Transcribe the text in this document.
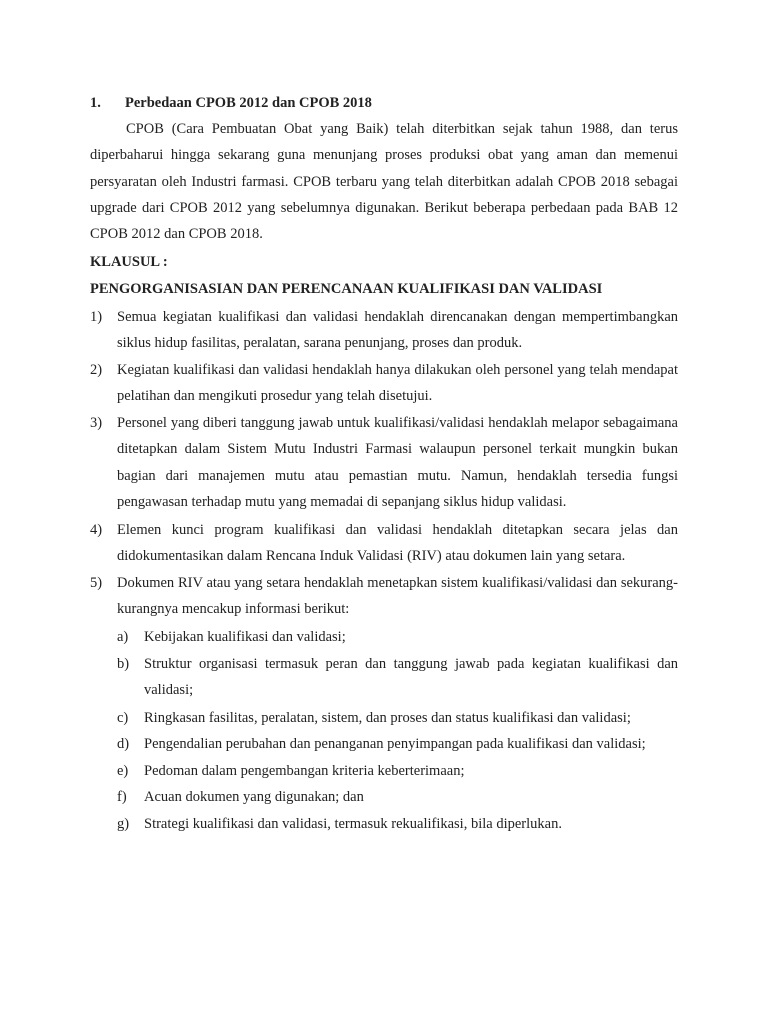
1. Perbedaan CPOB 2012 dan CPOB 2018

CPOB (Cara Pembuatan Obat yang Baik) telah diterbitkan sejak tahun 1988, dan terus diperbaharui hingga sekarang guna menunjang proses produksi obat yang aman dan memenui persyaratan oleh Industri farmasi. CPOB terbaru yang telah diterbitkan adalah CPOB 2018 sebagai upgrade dari CPOB 2012 yang sebelumnya digunakan. Berikut beberapa perbedaan pada BAB 12 CPOB 2012 dan CPOB 2018.

KLAUSUL :
PENGORGANISASIAN DAN PERENCANAAN KUALIFIKASI DAN VALIDASI
1) Semua kegiatan kualifikasi dan validasi hendaklah direncanakan dengan mempertimbangkan siklus hidup fasilitas, peralatan, sarana penunjang, proses dan produk.
2) Kegiatan kualifikasi dan validasi hendaklah hanya dilakukan oleh personel yang telah mendapat pelatihan dan mengikuti prosedur yang telah disetujui.
3) Personel yang diberi tanggung jawab untuk kualifikasi/validasi hendaklah melapor sebagaimana ditetapkan dalam Sistem Mutu Industri Farmasi walaupun personel terkait mungkin bukan bagian dari manajemen mutu atau pemastian mutu. Namun, hendaklah tersedia fungsi pengawasan terhadap mutu yang memadai di sepanjang siklus hidup validasi.
4) Elemen kunci program kualifikasi dan validasi hendaklah ditetapkan secara jelas dan didokumentasikan dalam Rencana Induk Validasi (RIV) atau dokumen lain yang setara.
5) Dokumen RIV atau yang setara hendaklah menetapkan sistem kualifikasi/validasi dan sekurang-kurangnya mencakup informasi berikut:
a) Kebijakan kualifikasi dan validasi;
b) Struktur organisasi termasuk peran dan tanggung jawab pada kegiatan kualifikasi dan validasi;
c) Ringkasan fasilitas, peralatan, sistem, dan proses dan status kualifikasi dan validasi;
d) Pengendalian perubahan dan penanganan penyimpangan pada kualifikasi dan validasi;
e) Pedoman dalam pengembangan kriteria keberterimaan;
f) Acuan dokumen yang digunakan; dan
g) Strategi kualifikasi dan validasi, termasuk rekualifikasi, bila diperlukan.
